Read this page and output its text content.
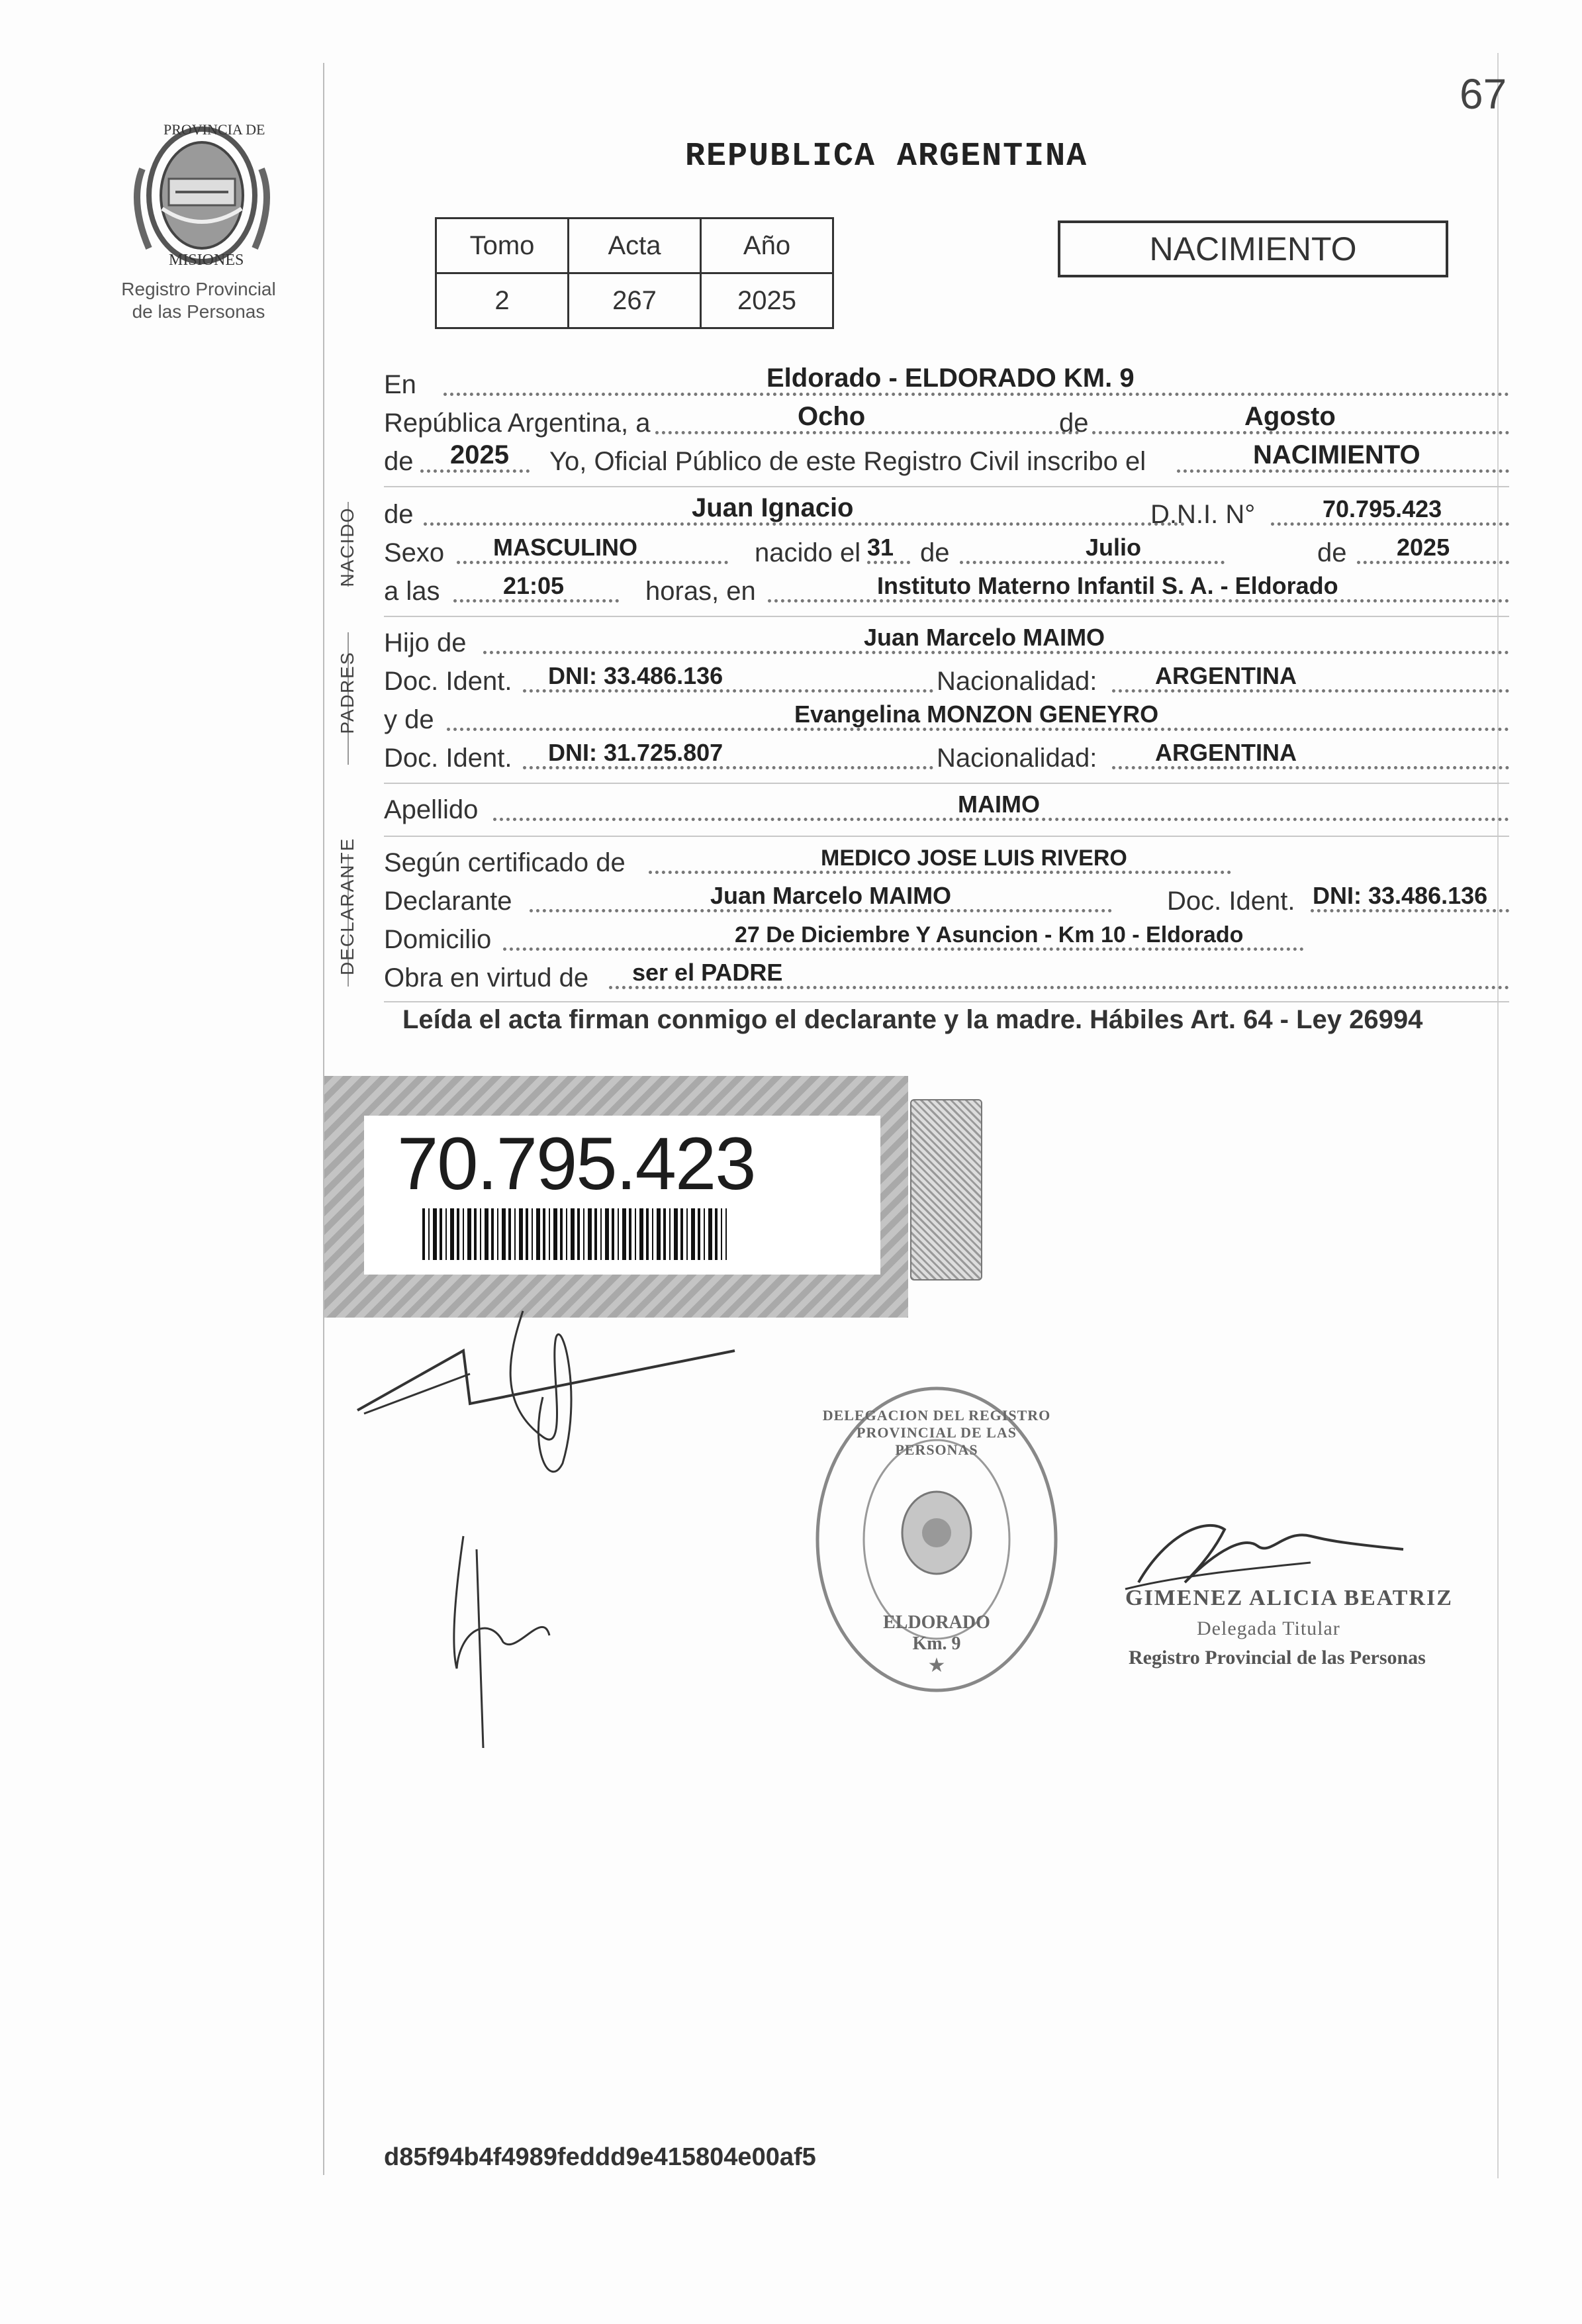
67
PROVINCIA DE
MISIONES
Registro Provincial
de las Personas
REPUBLICA ARGENTINA
Tomo	Acta	Año
2	267	2025
NACIMIENTO
En	Eldorado - ELDORADO KM. 9
República Argentina, a	Ocho	de	Agosto
de 2025 Yo, Oficial Público de este Registro Civil inscribo el	NACIMIENTO
NACIDO de	Juan Ignacio	D.N.I. N°	70.795.423
Sexo MASCULINO	nacido el 31 de	Julio	de 2025
a las	21:05	horas, en	Instituto Materno Infantil S. A. - Eldorado
PADRES
Hijo de	Juan Marcelo MAIMO
Doc. Ident. DNI: 33.486.136	Nacionalidad: ARGENTINA
y de	Evangelina MONZON GENEYRO
Doc. Ident. DNI: 31.725.807	Nacionalidad: ARGENTINA
Apellido	MAIMO
DECLARANTE Según certificado de	MEDICO JOSE LUIS RIVERO
Declarante	Juan Marcelo MAIMO	Doc. Ident. DNI: 33.486.136
Domicilio	27 De Diciembre Y Asuncion - Km 10 - Eldorado
Obra en virtud de ser el PADRE
Leída el acta firman conmigo el declarante y la madre. Hábiles Art. 64 - Ley 26994
70.795.423
★
DELEGACION DEL REGISTRO PROVINCIAL DE LAS PERSONAS
ELDORADO Km. 9
GIMENEZ ALICIA BEATRIZ
Delegada Titular
Registro Provincial de las Personas
d85f94b4f4989feddd9e415804e00af5
